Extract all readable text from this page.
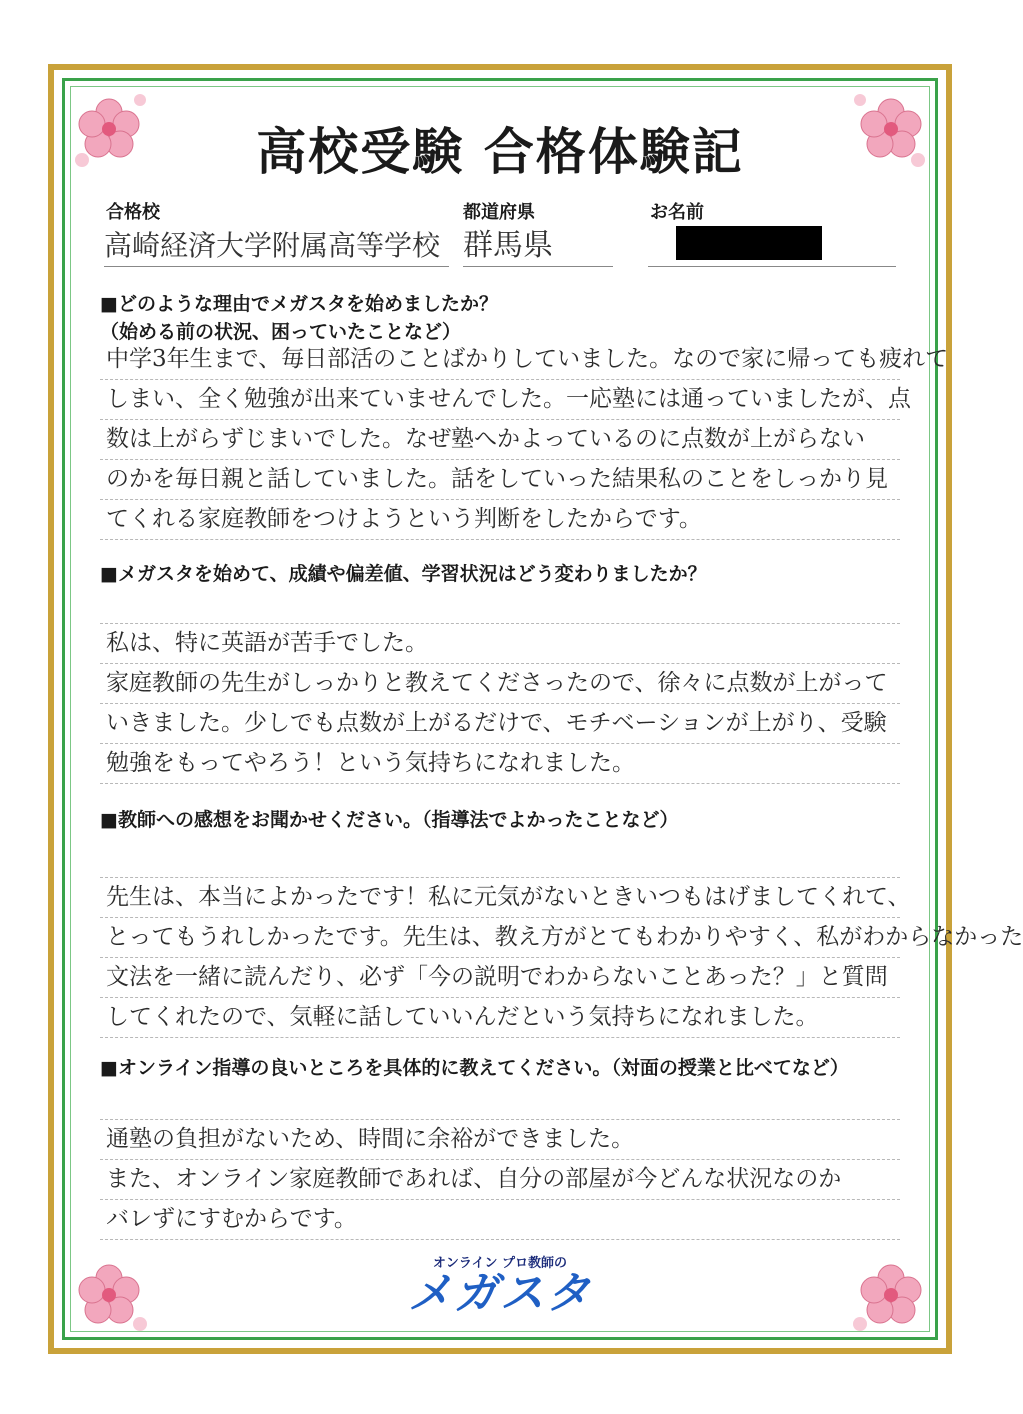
高校受験 合格体験記
合格校
高崎経済大学附属高等学校
都道府県
群馬県
お名前
■どのような理由でメガスタを始めましたか？
（始める前の状況、困っていたことなど）
中学3年生まで、毎日部活のことばかりしていました。なので家に帰っても疲れて
しまい、全く勉強が出来ていませんでした。一応塾には通っていましたが、点
数は上がらずじまいでした。なぜ塾へかよっているのに点数が上がらない
のかを毎日親と話していました。話をしていった結果私のことをしっかり見
てくれる家庭教師をつけようという判断をしたからです。
■メガスタを始めて、成績や偏差値、学習状況はどう変わりましたか？
私は、特に英語が苦手でした。
家庭教師の先生がしっかりと教えてくださったので、徐々に点数が上がって
いきました。少しでも点数が上がるだけで、モチベーションが上がり、受験
勉強をもってやろう！という気持ちになれました。
■教師への感想をお聞かせください。（指導法でよかったことなど）
先生は、本当によかったです！私に元気がないときいつもはげましてくれて、
とってもうれしかったです。先生は、教え方がとてもわかりやすく、私がわからなかった
文法を一緒に読んだり、必ず「今の説明でわからないことあった？」と質問
してくれたので、気軽に話していいんだという気持ちになれました。
■オンライン指導の良いところを具体的に教えてください。（対面の授業と比べてなど）
通塾の負担がないため、時間に余裕ができました。
また、オンライン家庭教師であれば、自分の部屋が今どんな状況なのか
バレずにすむからです。
オンライン プロ教師の
メガスタ
